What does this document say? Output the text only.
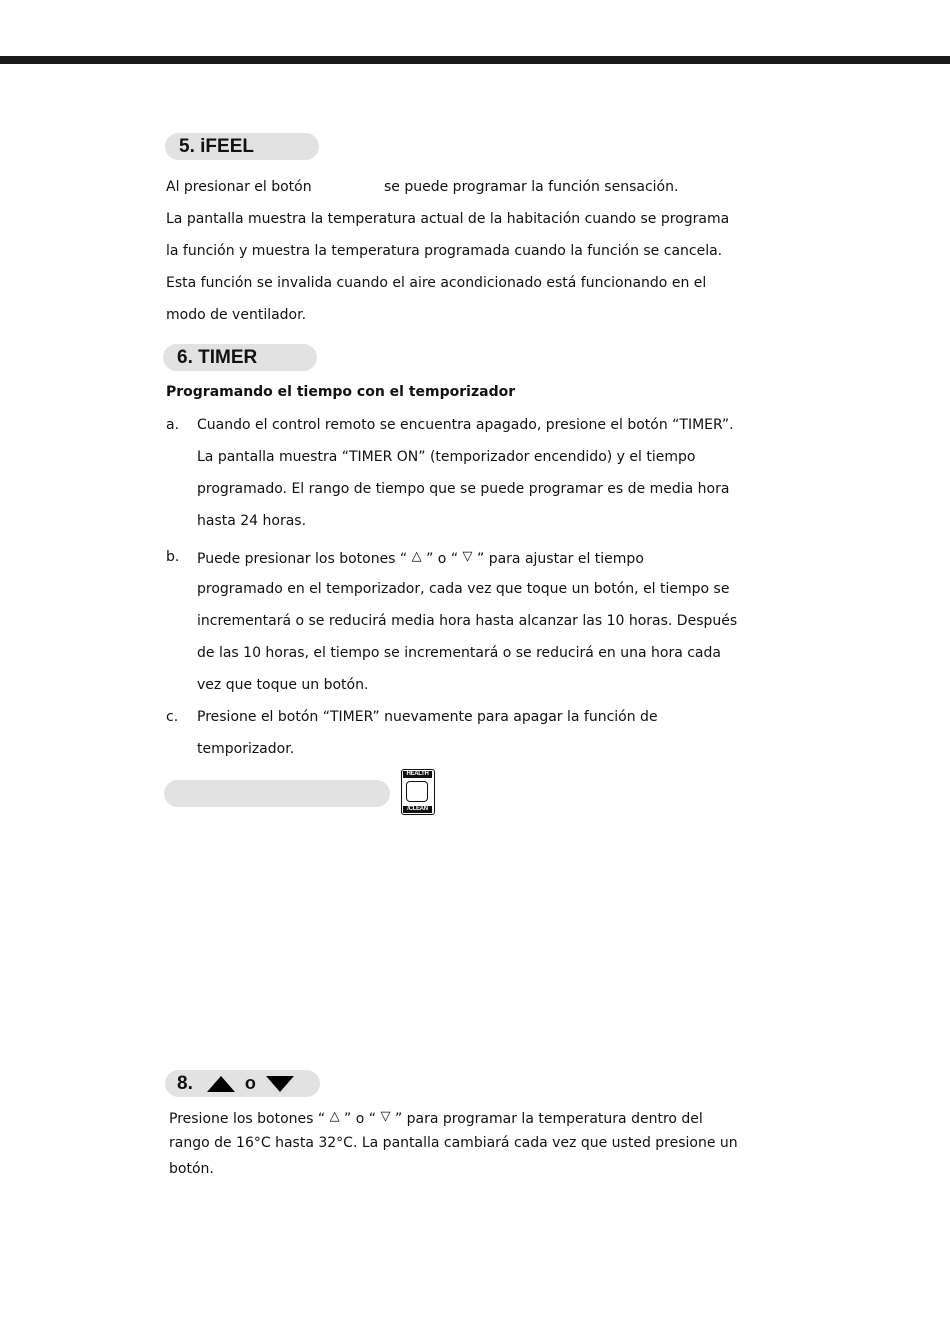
5. iFEEL
Al presionar el botón	se puede programar la función sensación.
La pantalla muestra la temperatura actual de la habitación cuando se programa
la función y muestra la temperatura programada cuando la función se cancela.
Esta función se invalida cuando el aire acondicionado está funcionando en el
modo de ventilador.
6. TIMER
Programando el tiempo con el temporizador
a. Cuando el control remoto se encuentra apagado, presione el botón “TIMER”.
La pantalla muestra “TIMER ON” (temporizador encendido) y el tiempo
programado. El rango de tiempo que se puede programar es de media hora
hasta 24 horas.
b. Puede presionar los botones “ △ ” o “ ▽ ” para ajustar el tiempo
programado en el temporizador, cada vez que toque un botón, el tiempo se
incrementará o se reducirá media hora hasta alcanzar las 10 horas. Después
de las 10 horas, el tiempo se incrementará o se reducirá en una hora cada
vez que toque un botón.
c. Presione el botón “TIMER” nuevamente para apagar la función de
temporizador.
HEALTH
/CLEAN
8.	o
Presione los botones “ △ ” o “ ▽ ” para programar la temperatura dentro del
rango de 16°C hasta 32°C. La pantalla cambiará cada vez que usted presione un
botón.
